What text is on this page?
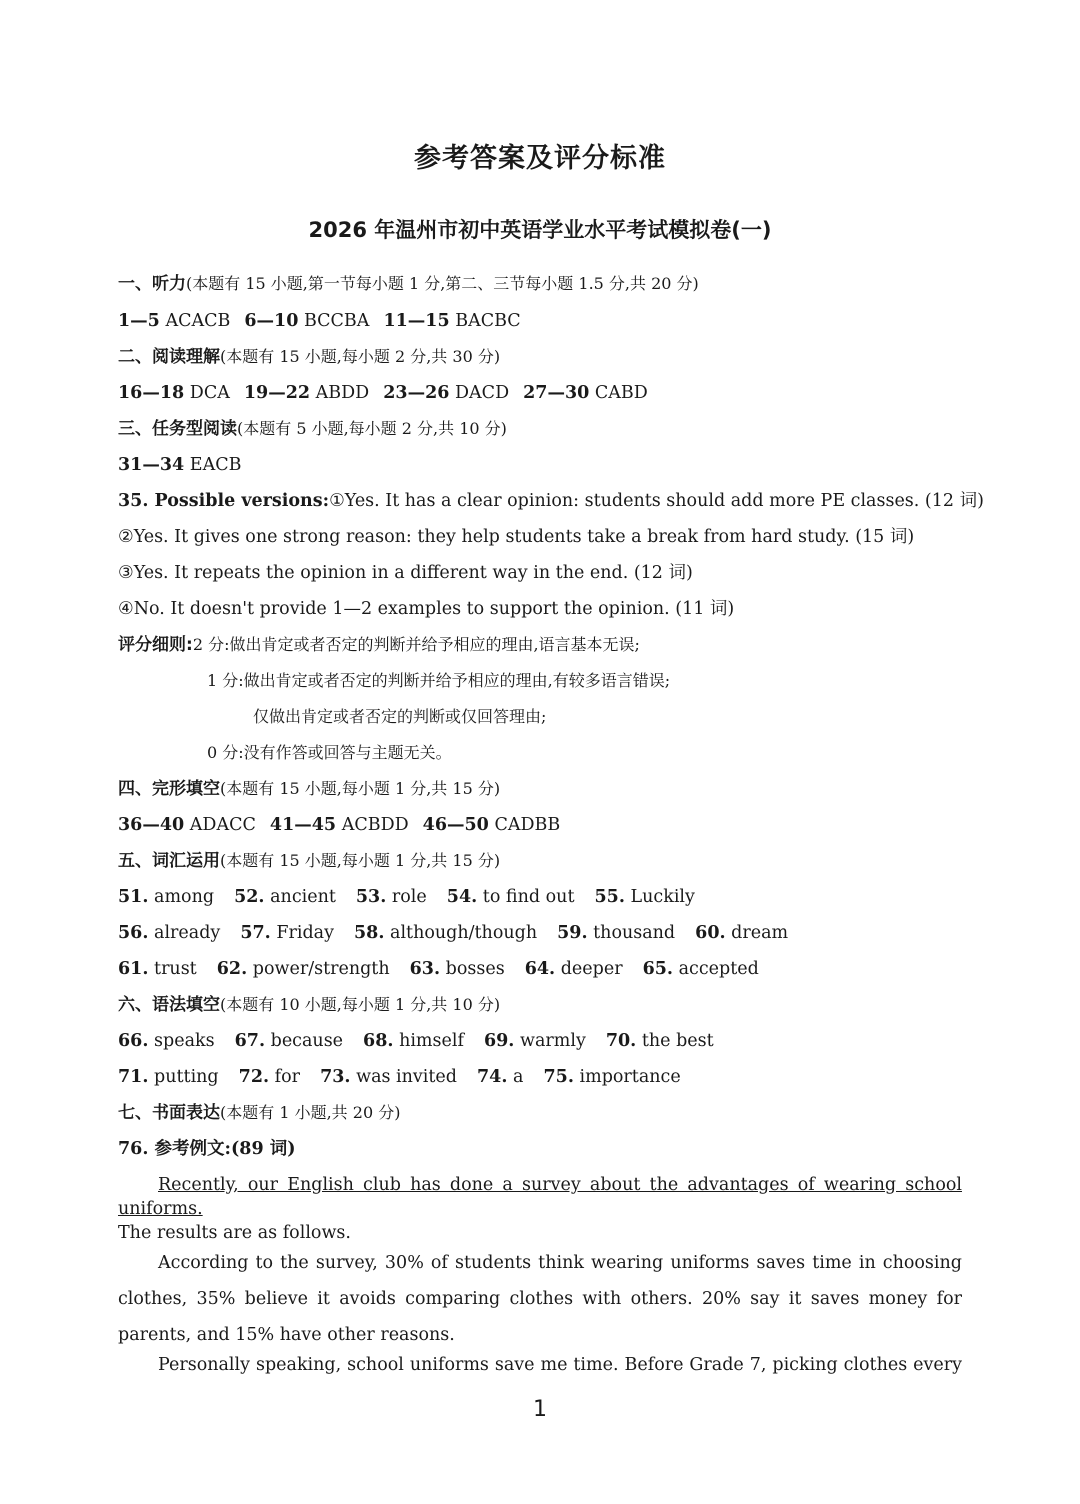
参考答案及评分标准
2026 年温州市初中英语学业水平考试模拟卷(一)
一、听力(本题有 15 小题,第一节每小题 1 分,第二、三节每小题 1.5 分,共 20 分)
1—5 ACACB 6—10 BCCBA 11—15 BACBC
二、阅读理解(本题有 15 小题,每小题 2 分,共 30 分)
16—18 DCA 19—22 ABDD 23—26 DACD 27—30 CABD
三、任务型阅读(本题有 5 小题,每小题 2 分,共 10 分)
31—34 EACB
35. Possible versions:①Yes. It has a clear opinion: students should add more PE classes. (12 词)
②Yes. It gives one strong reason: they help students take a break from hard study. (15 词)
③Yes. It repeats the opinion in a different way in the end. (12 词)
④No. It doesn't provide 1—2 examples to support the opinion. (11 词)
评分细则:2 分:做出肯定或者否定的判断并给予相应的理由,语言基本无误;
1 分:做出肯定或者否定的判断并给予相应的理由,有较多语言错误;
仅做出肯定或者否定的判断或仅回答理由;
0 分:没有作答或回答与主题无关。
四、完形填空(本题有 15 小题,每小题 1 分,共 15 分)
36—40 ADACC 41—45 ACBDD 46—50 CADBB
五、词汇运用(本题有 15 小题,每小题 1 分,共 15 分)
51. among 52. ancient 53. role 54. to find out 55. Luckily
56. already 57. Friday 58. although/though 59. thousand 60. dream
61. trust 62. power/strength 63. bosses 64. deeper 65. accepted
六、语法填空(本题有 10 小题,每小题 1 分,共 10 分)
66. speaks 67. because 68. himself 69. warmly 70. the best
71. putting 72. for 73. was invited 74. a 75. importance
七、书面表达(本题有 1 小题,共 20 分)
76. 参考例文:(89 词)
Recently, our English club has done a survey about the advantages of wearing school uniforms.
The results are as follows.
According to the survey, 30% of students think wearing uniforms saves time in choosing clothes, 35% believe it avoids comparing clothes with others. 20% say it saves money for parents, and 15% have other reasons.
Personally speaking, school uniforms save me time. Before Grade 7, picking clothes every
1
